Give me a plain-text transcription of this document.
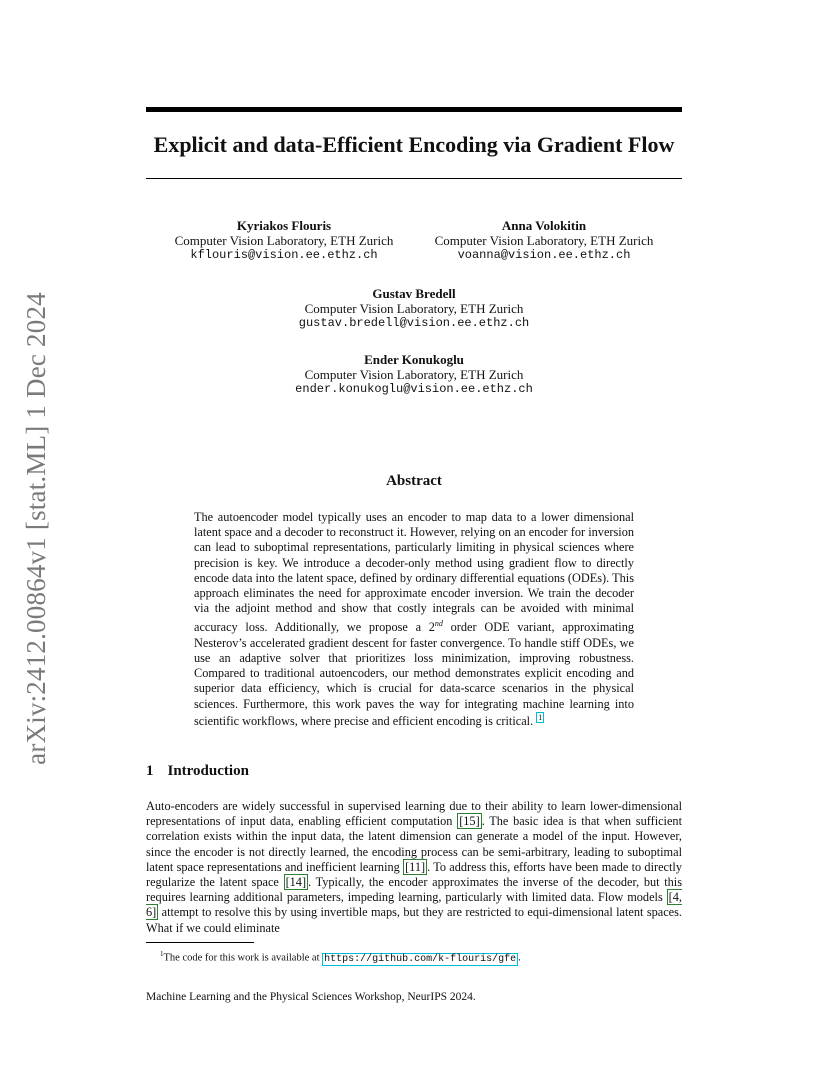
arXiv:2412.00864v1 [stat.ML] 1 Dec 2024
Explicit and data-Efficient Encoding via Gradient Flow
Kyriakos Flouris
Computer Vision Laboratory, ETH Zurich
kflouris@vision.ee.ethz.ch
Anna Volokitin
Computer Vision Laboratory, ETH Zurich
voanna@vision.ee.ethz.ch
Gustav Bredell
Computer Vision Laboratory, ETH Zurich
gustav.bredell@vision.ee.ethz.ch
Ender Konukoglu
Computer Vision Laboratory, ETH Zurich
ender.konukoglu@vision.ee.ethz.ch
Abstract

The autoencoder model typically uses an encoder to map data to a lower dimensional latent space and a decoder to reconstruct it. However, relying on an encoder for inversion can lead to suboptimal representations, particularly limiting in physical sciences where precision is key. We introduce a decoder-only method using gradient flow to directly encode data into the latent space, defined by ordinary differential equations (ODEs). This approach eliminates the need for approximate encoder inversion. We train the decoder via the adjoint method and show that costly integrals can be avoided with minimal accuracy loss. Additionally, we propose a 2nd order ODE variant, approximating Nesterov’s accelerated gradient descent for faster convergence. To handle stiff ODEs, we use an adaptive solver that prioritizes loss minimization, improving robustness. Compared to traditional autoencoders, our method demonstrates explicit encoding and superior data efficiency, which is crucial for data-scarce scenarios in the physical sciences. Furthermore, this work paves the way for integrating machine learning into scientific workflows, where precise and efficient encoding is critical. 1

1 Introduction

Auto-encoders are widely successful in supervised learning due to their ability to learn lower-dimensional representations of input data, enabling efficient computation [15] . The basic idea is that when sufficient correlation exists within the input data, the latent dimension can generate a model of the input. However, since the encoder is not directly learned, the encoding process can be semi-arbitrary, leading to suboptimal latent space representations and inefficient learning [11] . To address this, efforts have been made to directly regularize the latent space [14] . Typically, the encoder approximates the inverse of the decoder, but this requires learning additional parameters, impeding learning, particularly with limited data. Flow models [4, 6] attempt to resolve this by using invertible maps, but they are restricted to equi-dimensional latent spaces. What if we could eliminate

$^1$The code for this work is available at https://github.com/k-flouris/gfe .

Machine Learning and the Physical Sciences Workshop, NeurIPS 2024.
